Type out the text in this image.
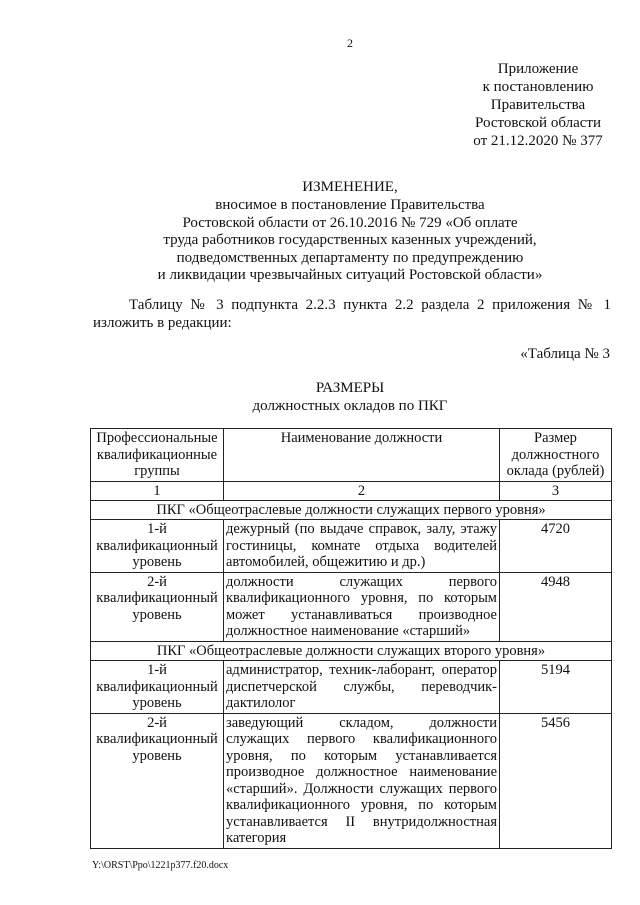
2
Приложение
к постановлению
Правительства
Ростовской области
от 21.12.2020 № 377
ИЗМЕНЕНИЕ,
вносимое в постановление Правительства
Ростовской области от 26.10.2016 № 729 «Об оплате
труда работников государственных казенных учреждений,
подведомственных департаменту по предупреждению
и ликвидации чрезвычайных ситуаций Ростовской области»
Таблицу № 3 подпункта 2.2.3 пункта 2.2 раздела 2 приложения № 1 изложить в редакции:
«Таблица № 3
РАЗМЕРЫ
должностных окладов по ПКГ
Профессиональные квалификационные группы	Наименование должности	Размер должностного оклада (рублей)
1	2	3
ПКГ «Общеотраслевые должности служащих первого уровня»		
1-й квалификационный уровень	дежурный (по выдаче справок, залу, этажу гостиницы, комнате отдыха водителей автомобилей, общежитию и др.)	4720
2-й квалификационный уровень	должности служащих первого квалификационного уровня, по которым может устанавливаться производное должностное наименование «старший»	4948
ПКГ «Общеотраслевые должности служащих второго уровня»		
1-й квалификационный уровень	администратор, техник-лаборант, оператор диспетчерской службы, переводчик-дактилолог	5194
2-й квалификационный уровень	заведующий складом, должности служащих первого квалификационного уровня, по которым устанавливается производное должностное наименование «старший». Должности служащих первого квалификационного уровня, по которым устанавливается II внутридолжностная категория	5456
Y:\ORST\Ppo\1221p377.f20.docx
